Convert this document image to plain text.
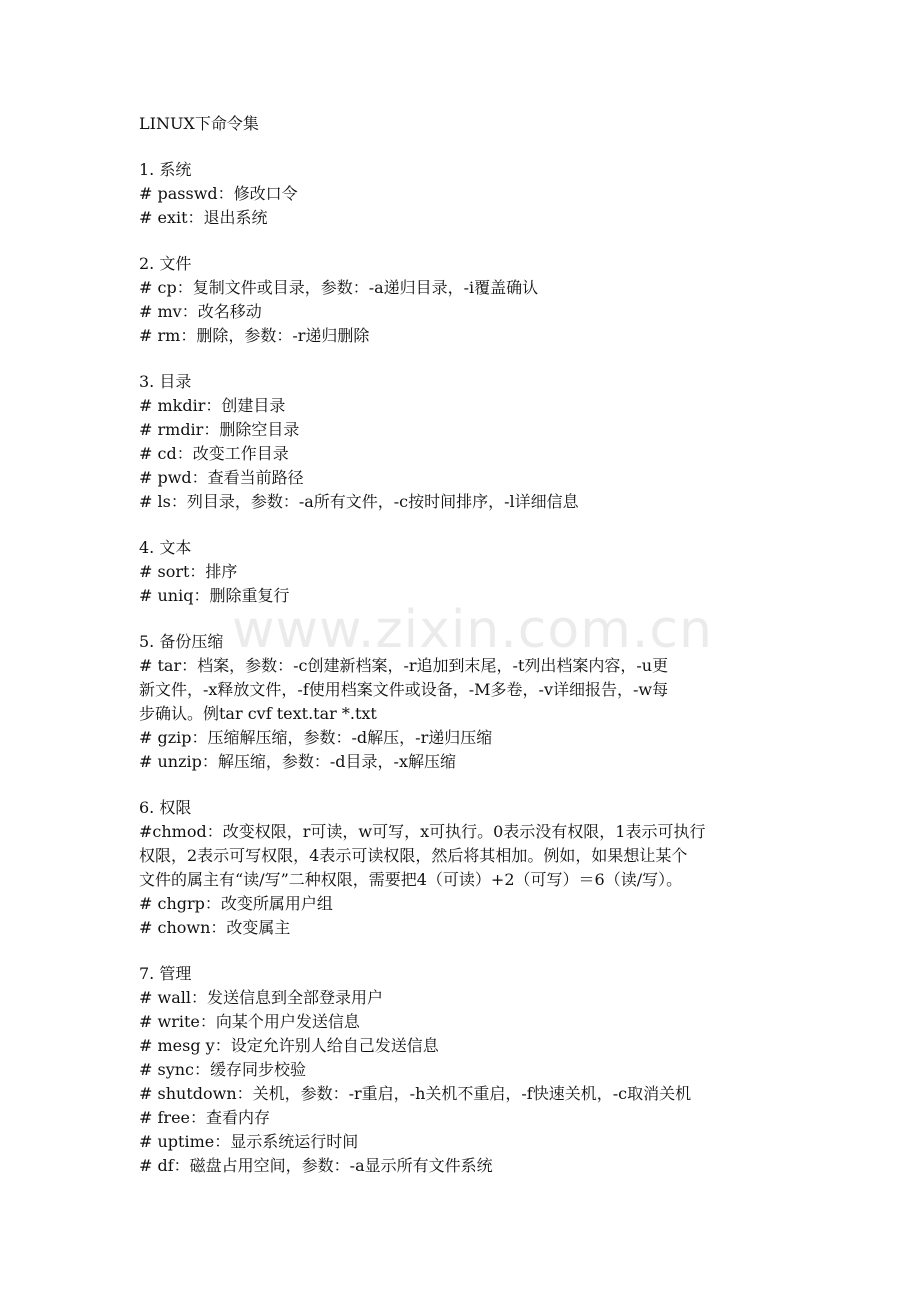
www.zixin.com.cn
LINUX下命令集
1. 系统
# passwd：修改口令
# exit：退出系统
2. 文件
# cp：复制文件或目录，参数：-a递归目录，-i覆盖确认
# mv：改名移动
# rm：删除，参数：-r递归删除
3. 目录
# mkdir：创建目录
# rmdir：删除空目录
# cd：改变工作目录
# pwd：查看当前路径
# ls：列目录，参数：-a所有文件，-c按时间排序，-l详细信息
4. 文本
# sort：排序
# uniq：删除重复行
5. 备份压缩
# tar：档案，参数：-c创建新档案，-r追加到末尾，-t列出档案内容，-u更
新文件，-x释放文件，-f使用档案文件或设备，-M多卷，-v详细报告，-w每
步确认。例tar cvf text.tar *.txt
# gzip：压缩解压缩，参数：-d解压，-r递归压缩
# unzip：解压缩，参数：-d目录，-x解压缩
6. 权限
#chmod：改变权限，r可读，w可写，x可执行。0表示没有权限，1表示可执行
权限，2表示可写权限，4表示可读权限，然后将其相加。例如，如果想让某个
文件的属主有“读/写”二种权限，需要把4（可读）+2（可写）＝6（读/写）。
# chgrp：改变所属用户组
# chown：改变属主
7. 管理
# wall：发送信息到全部登录用户
# write：向某个用户发送信息
# mesg y：设定允许别人给自己发送信息
# sync：缓存同步校验
# shutdown：关机，参数：-r重启，-h关机不重启，-f快速关机，-c取消关机
# free：查看内存
# uptime：显示系统运行时间
# df：磁盘占用空间，参数：-a显示所有文件系统
